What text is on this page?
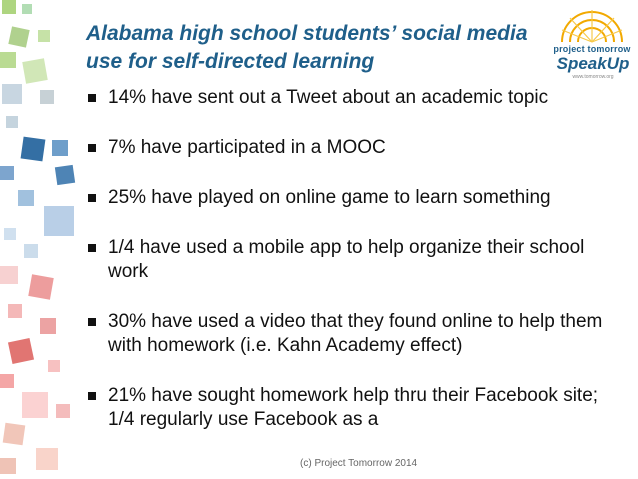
Alabama high school students’ social media use for self-directed learning
project tomorrow
SpeakUp
www.tomorrow.org
14% have sent out a Tweet about an academic topic
7% have participated in a MOOC
25% have played on online game to learn something
1/4 have used a mobile app to help organize their school work
30% have used a video that they found online to help them with homework (i.e. Kahn Academy effect)
21% have sought homework help thru their Facebook site; 1/4 regularly use Facebook as a
(c) Project Tomorrow 2014
